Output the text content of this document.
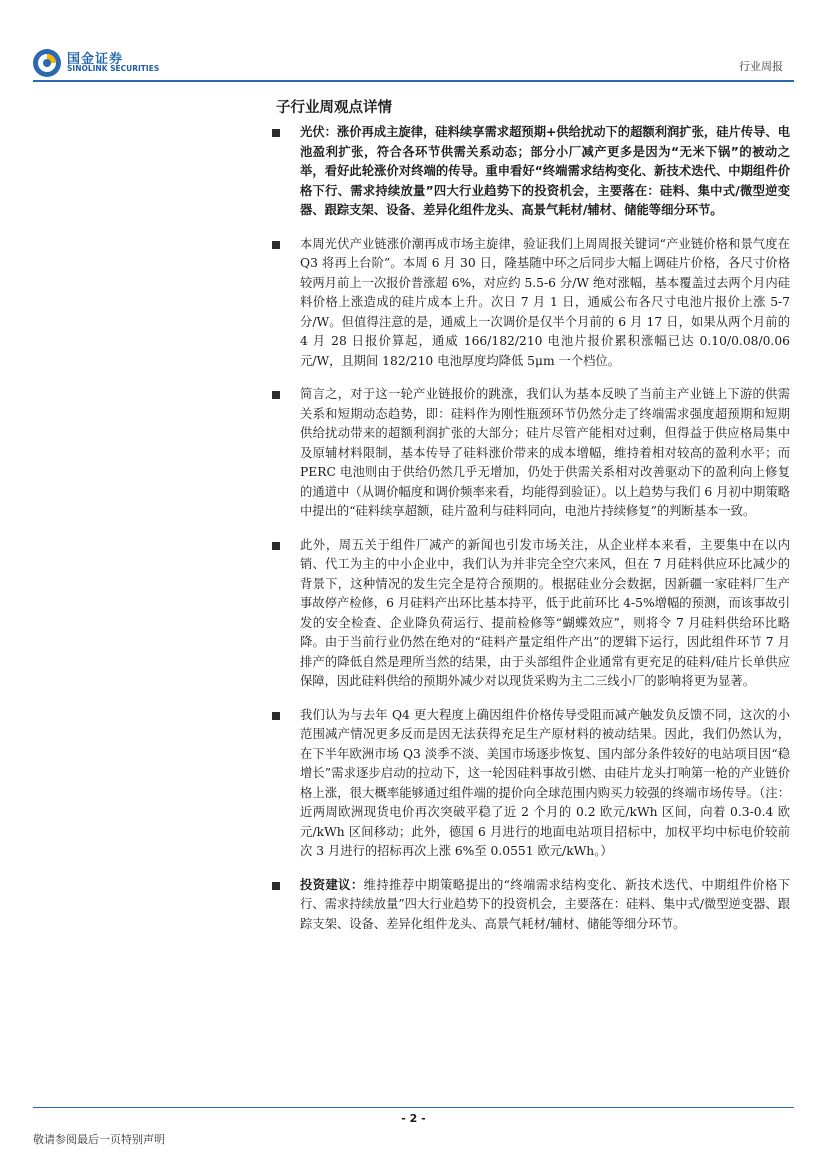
国金证券
SINOLINK SECURITIES	行业周报
子行业周观点详情

光伏：涨价再成主旋律，硅料续享需求超预期+供给扰动下的超额利润扩张，硅片传导、电池盈利扩张，符合各环节供需关系动态；部分小厂减产更多是因为“无米下锅”的被动之举，看好此轮涨价对终端的传导。重申看好“终端需求结构变化、新技术迭代、中期组件价格下行、需求持续放量”四大行业趋势下的投资机会，主要落在：硅料、集中式/微型逆变器、跟踪支架、设备、差异化组件龙头、高景气耗材/辅材、储能等细分环节。

本周光伏产业链涨价潮再成市场主旋律，验证我们上周周报关键词“产业链价格和景气度在 Q3 将再上台阶”。本周 6 月 30 日，隆基随中环之后同步大幅上调硅片价格，各尺寸价格较两月前上一次报价普涨超 6%，对应约 5.5-6 分/W 绝对涨幅，基本覆盖过去两个月内硅料价格上涨造成的硅片成本上升。次日 7 月 1 日，通威公布各尺寸电池片报价上涨 5-7 分/W。但值得注意的是，通威上一次调价是仅半个月前的 6 月 17 日，如果从两个月前的 4 月 28 日报价算起，通威 166/182/210 电池片报价累积涨幅已达 0.10/0.08/0.06 元/W，且期间 182/210 电池厚度均降低 5μm 一个档位。

简言之，对于这一轮产业链报价的跳涨，我们认为基本反映了当前主产业链上下游的供需关系和短期动态趋势，即：硅料作为刚性瓶颈环节仍然分走了终端需求强度超预期和短期供给扰动带来的超额利润扩张的大部分；硅片尽管产能相对过剩，但得益于供应格局集中及原辅材料限制，基本传导了硅料涨价带来的成本增幅，维持着相对较高的盈利水平；而 PERC 电池则由于供给仍然几乎无增加，仍处于供需关系相对改善驱动下的盈利向上修复的通道中（从调价幅度和调价频率来看，均能得到验证）。以上趋势与我们 6 月初中期策略中提出的“硅料续享超额，硅片盈利与硅料同向，电池片持续修复”的判断基本一致。

此外，周五关于组件厂减产的新闻也引发市场关注，从企业样本来看，主要集中在以内销、代工为主的中小企业中，我们认为并非完全空穴来风，但在 7 月硅料供应环比减少的背景下，这种情况的发生完全是符合预期的。根据硅业分会数据，因新疆一家硅料厂生产事故停产检修，6 月硅料产出环比基本持平，低于此前环比 4-5%增幅的预测，而该事故引发的安全检查、企业降负荷运行、提前检修等“蝴蝶效应”，则将令 7 月硅料供给环比略降。由于当前行业仍然在绝对的“硅料产量定组件产出”的逻辑下运行，因此组件环节 7 月排产的降低自然是理所当然的结果，由于头部组件企业通常有更充足的硅料/硅片长单供应保障，因此硅料供给的预期外减少对以现货采购为主二三线小厂的影响将更为显著。

我们认为与去年 Q4 更大程度上确因组件价格传导受阻而减产触发负反馈不同，这次的小范围减产情况更多反而是因无法获得充足生产原材料的被动结果。因此，我们仍然认为，在下半年欧洲市场 Q3 淡季不淡、美国市场逐步恢复、国内部分条件较好的电站项目因“稳增长”需求逐步启动的拉动下，这一轮因硅料事故引燃、由硅片龙头打响第一枪的产业链价格上涨，很大概率能够通过组件端的提价向全球范围内购买力较强的终端市场传导。（注：近两周欧洲现货电价再次突破平稳了近 2 个月的 0.2 欧元/kWh 区间，向着 0.3-0.4 欧元/kWh 区间移动；此外，德国 6 月进行的地面电站项目招标中，加权平均中标电价较前次 3 月进行的招标再次上涨 6%至 0.0551 欧元/kWh。）

投资建议：维持推荐中期策略提出的“终端需求结构变化、新技术迭代、中期组件价格下行、需求持续放量”四大行业趋势下的投资机会，主要落在：硅料、集中式/微型逆变器、跟踪支架、设备、差异化组件龙头、高景气耗材/辅材、储能等细分环节。

- 2 -
敬请参阅最后一页特别声明
